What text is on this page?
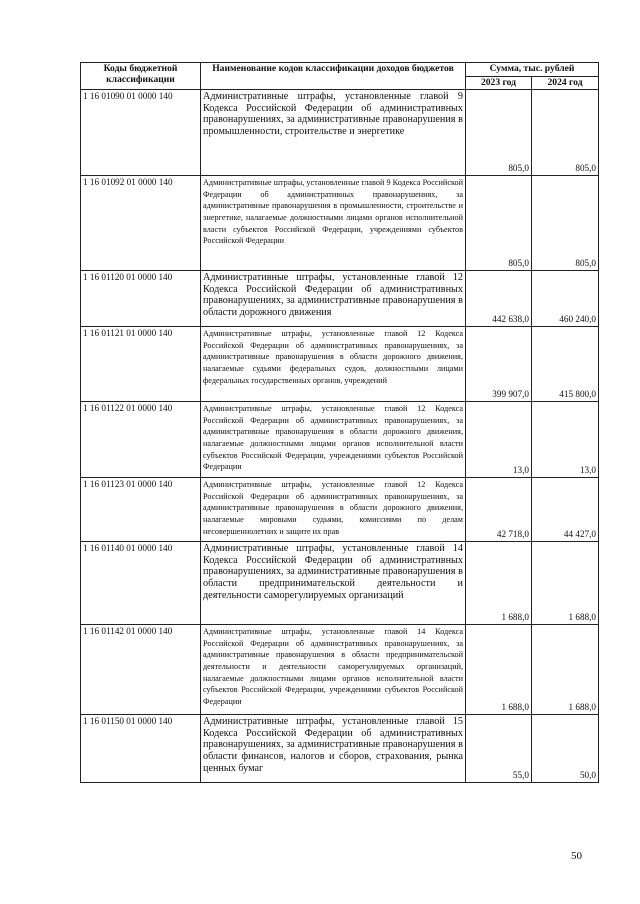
Коды бюджетной классификации	Наименование кодов классификации доходов бюджетов	Сумма, тыс. рублей	
		2023 год	2024 год
1 16 01090 01 0000 140	Административные штрафы, установленные главой 9 Кодекса Российской Федерации об административных правонарушениях, за административные правонарушения в промышленности, строительстве и энергетике	805,0	805,0
1 16 01092 01 0000 140	Административные штрафы, установленные главой 9 Кодекса Российской Федерации об административных правонарушениях, за административные правонарушения в промышленности, строительстве и энергетике, налагаемые должностными лицами органов исполнительной власти субъектов Российской Федерации, учреждениями субъектов Российской Федерации	805,0	805,0
1 16 01120 01 0000 140	Административные штрафы, установленные главой 12 Кодекса Российской Федерации об административных правонарушениях, за административные правонарушения в области дорожного движения	442 638,0	460 240,0
1 16 01121 01 0000 140	Административные штрафы, установленные главой 12 Кодекса Российской Федерации об административных правонарушениях, за административные правонарушения в области дорожного движения, налагаемые судьями федеральных судов, должностными лицами федеральных государственных органов, учреждений	399 907,0	415 800,0
1 16 01122 01 0000 140	Административные штрафы, установленные главой 12 Кодекса Российской Федерации об административных правонарушениях, за административные правонарушения в области дорожного движения, налагаемые должностными лицами органов исполнительной власти субъектов Российской Федерации, учреждениями субъектов Российской Федерации	13,0	13,0
1 16 01123 01 0000 140	Административные штрафы, установленные главой 12 Кодекса Российской Федерации об административных правонарушениях, за административные правонарушения в области дорожного движения, налагаемые мировыми судьями, комиссиями по делам несовершеннолетних и защите их прав	42 718,0	44 427,0
1 16 01140 01 0000 140	Административные штрафы, установленные главой 14 Кодекса Российской Федерации об административных правонарушениях, за административные правонарушения в области предпринимательской деятельности и деятельности саморегулируемых организаций	1 688,0	1 688,0
1 16 01142 01 0000 140	Административные штрафы, установленные главой 14 Кодекса Российской Федерации об административных правонарушениях, за административные правонарушения в области предпринимательской деятельности и деятельности саморегулируемых организаций, налагаемые должностными лицами органов исполнительной власти субъектов Российской Федерации, учреждениями субъектов Российской Федерации	1 688,0	1 688,0
1 16 01150 01 0000 140	Административные штрафы, установленные главой 15 Кодекса Российской Федерации об административных правонарушениях, за административные правонарушения в области финансов, налогов и сборов, страхования, рынка ценных бумаг	55,0	50,0
50
